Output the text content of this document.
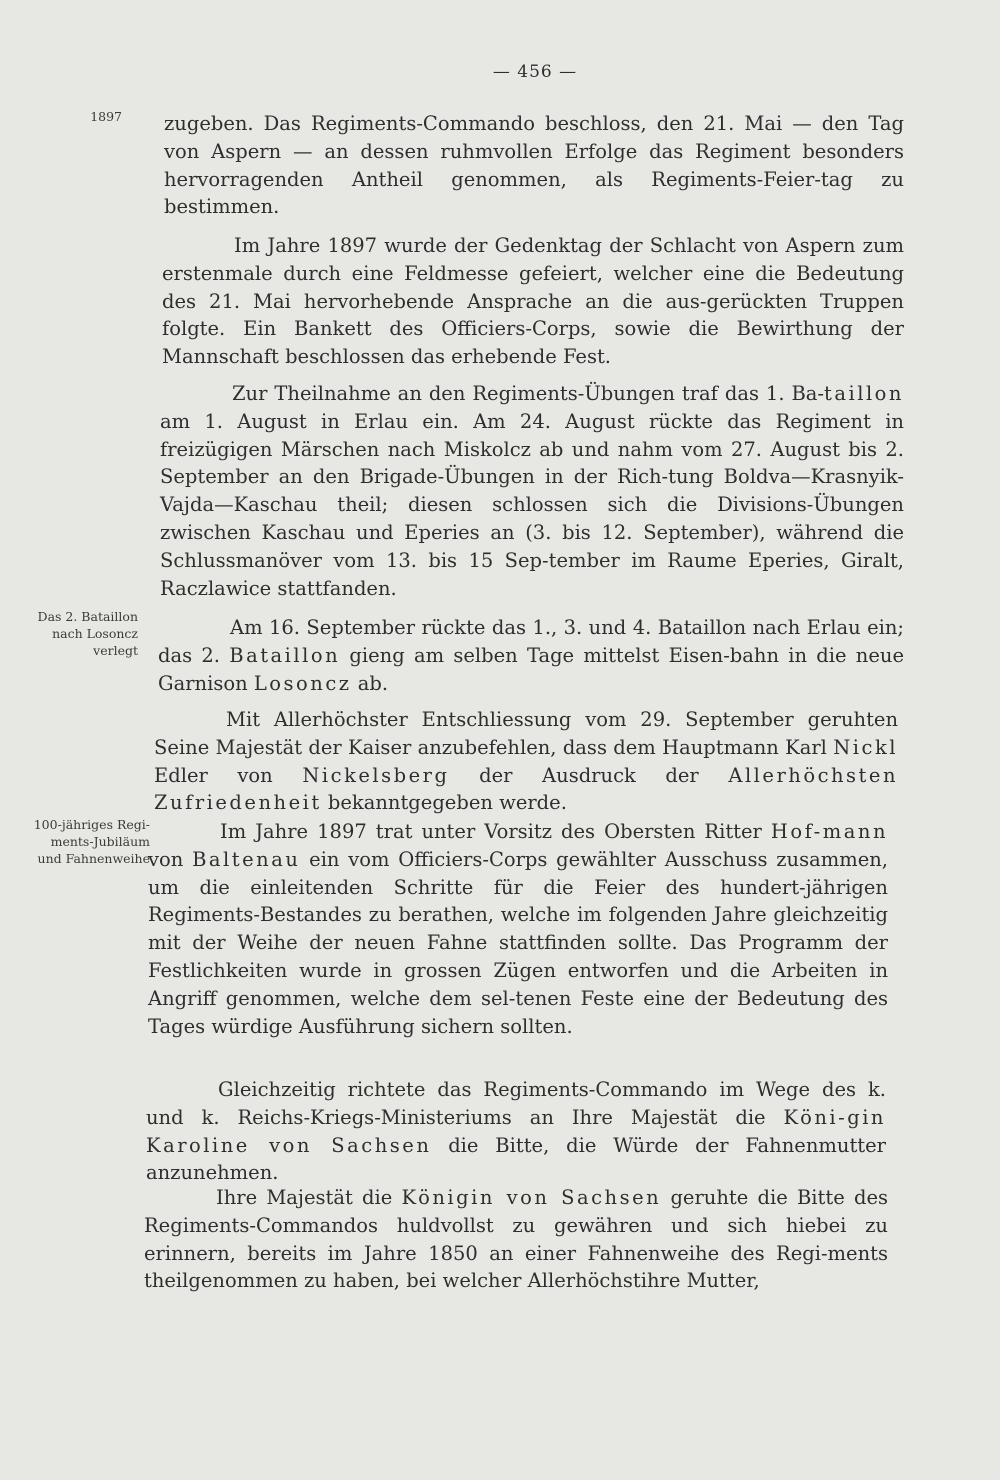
— 456 —
1897
Das 2. Bataillon
nach Losoncz
verlegt
100-jähriges Regi-
ments-Jubiläum
und Fahnenweihe

zugeben. Das Regiments-Commando beschloss, den 21. Mai — den Tag von Aspern — an dessen ruhmvollen Erfolge das Regiment besonders hervorragenden Antheil genommen, als Regiments-Feier-tag zu bestimmen.

Im Jahre 1897 wurde der Gedenktag der Schlacht von Aspern zum erstenmale durch eine Feldmesse gefeiert, welcher eine die Bedeutung des 21. Mai hervorhebende Ansprache an die aus-gerückten Truppen folgte. Ein Bankett des Officiers-Corps, sowie die Bewirthung der Mannschaft beschlossen das erhebende Fest.

Zur Theilnahme an den Regiments-Übungen traf das 1. Ba-taillon am 1. August in Erlau ein. Am 24. August rückte das Regiment in freizügigen Märschen nach Miskolcz ab und nahm vom 27. August bis 2. September an den Brigade-Übungen in der Rich-tung Boldva—Krasnyik-Vajda—Kaschau theil; diesen schlossen sich die Divisions-Übungen zwischen Kaschau und Eperies an (3. bis 12. September), während die Schlussmanöver vom 13. bis 15 Sep-tember im Raume Eperies, Giralt, Raczlawice stattfanden.

Am 16. September rückte das 1., 3. und 4. Bataillon nach Erlau ein; das 2. Bataillon gieng am selben Tage mittelst Eisen-bahn in die neue Garnison Losoncz ab.

Mit Allerhöchster Entschliessung vom 29. September geruhten Seine Majestät der Kaiser anzubefehlen, dass dem Hauptmann Karl Nickl Edler von Nickelsberg der Ausdruck der Allerhöchsten Zufriedenheit bekanntgegeben werde.

Im Jahre 1897 trat unter Vorsitz des Obersten Ritter Hof-mann von Baltenau ein vom Officiers-Corps gewählter Ausschuss zusammen, um die einleitenden Schritte für die Feier des hundert-jährigen Regiments-Bestandes zu berathen, welche im folgenden Jahre gleichzeitig mit der Weihe der neuen Fahne stattfinden sollte. Das Programm der Festlichkeiten wurde in grossen Zügen entworfen und die Arbeiten in Angriff genommen, welche dem sel-tenen Feste eine der Bedeutung des Tages würdige Ausführung sichern sollten.

Gleichzeitig richtete das Regiments-Commando im Wege des k. und k. Reichs-Kriegs-Ministeriums an Ihre Majestät die Köni-gin Karoline von Sachsen die Bitte, die Würde der Fahnenmutter anzunehmen.

Ihre Majestät die Königin von Sachsen geruhte die Bitte des Regiments-Commandos huldvollst zu gewähren und sich hiebei zu erinnern, bereits im Jahre 1850 an einer Fahnenweihe des Regi-ments theilgenommen zu haben, bei welcher Allerhöchstihre Mutter,
